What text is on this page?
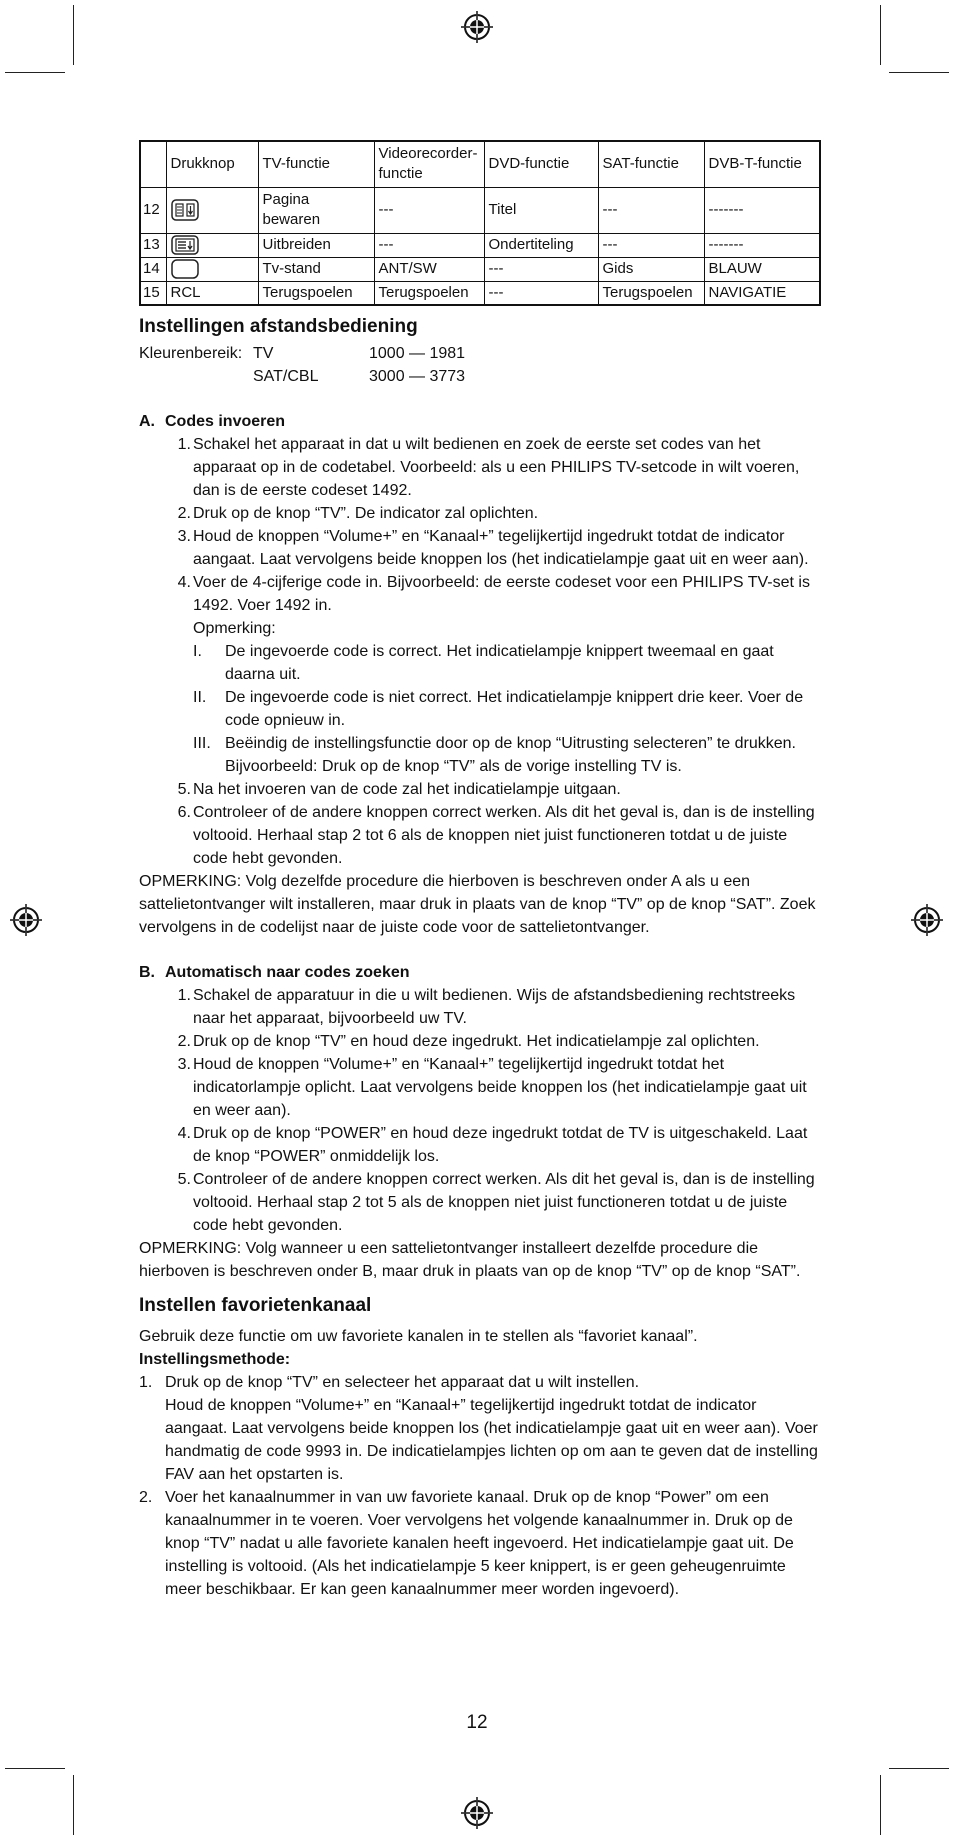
	Drukknop	TV-functie	Videorecorder-functie	DVD-functie	SAT-functie	DVB-T-functie
12		Pagina bewaren	---	Titel	---	-------
13		Uitbreiden	---	Ondertiteling	---	-------
14		Tv-stand	ANT/SW	---	Gids	BLAUW
15	RCL	Terugspoelen	Terugspoelen	---	Terugspoelen	NAVIGATIE
Instellingen afstandsbediening
Kleurenbereik: TV	1000 — 1981
SAT/CBL	3000 — 3773
A. Codes invoeren
1. Schakel het apparaat in dat u wilt bedienen en zoek de eerste set codes van het apparaat op in de codetabel. Voorbeeld: als u een PHILIPS TV-setcode in wilt voeren, dan is de eerste codeset 1492.
2. Druk op de knop “TV”. De indicator zal oplichten.
3. Houd de knoppen “Volume+” en “Kanaal+” tegelijkertijd ingedrukt totdat de indicator aangaat. Laat vervolgens beide knoppen los (het indicatielampje gaat uit en weer aan).
4. Voer de 4-cijferige code in. Bijvoorbeeld: de eerste codeset voor een PHILIPS TV-set is 1492. Voer 1492 in.
Opmerking:
I.	De ingevoerde code is correct. Het indicatielampje knippert tweemaal en gaat daarna uit.
II.	De ingevoerde code is niet correct. Het indicatielampje knippert drie keer. Voer de code opnieuw in.
III. Beëindig de instellingsfunctie door op de knop “Uitrusting selecteren” te drukken. Bijvoorbeeld: Druk op de knop “TV” als de vorige instelling TV is.
5. Na het invoeren van de code zal het indicatielampje uitgaan.
6. Controleer of de andere knoppen correct werken. Als dit het geval is, dan is de instelling voltooid. Herhaal stap 2 tot 6 als de knoppen niet juist functioneren totdat u de juiste code hebt gevonden.
OPMERKING: Volg dezelfde procedure die hierboven is beschreven onder A als u een sattelietontvanger wilt installeren, maar druk in plaats van de knop “TV” op de knop “SAT”. Zoek vervolgens in de codelijst naar de juiste code voor de sattelietontvanger.
B. Automatisch naar codes zoeken
1. Schakel de apparatuur in die u wilt bedienen. Wijs de afstandsbediening rechtstreeks naar het apparaat, bijvoorbeeld uw TV.
2. Druk op de knop “TV” en houd deze ingedrukt. Het indicatielampje zal oplichten.
3. Houd de knoppen “Volume+” en “Kanaal+” tegelijkertijd ingedrukt totdat het indicatorlampje oplicht. Laat vervolgens beide knoppen los (het indicatielampje gaat uit en weer aan).
4. Druk op de knop “POWER” en houd deze ingedrukt totdat de TV is uitgeschakeld. Laat de knop “POWER” onmiddelijk los.
5. Controleer of de andere knoppen correct werken. Als dit het geval is, dan is de instelling voltooid. Herhaal stap 2 tot 5 als de knoppen niet juist functioneren totdat u de juiste code hebt gevonden.
OPMERKING: Volg wanneer u een sattelietontvanger installeert dezelfde procedure die hierboven is beschreven onder B, maar druk in plaats van op de knop “TV” op de knop “SAT”.
Instellen favorietenkanaal
Gebruik deze functie om uw favoriete kanalen in te stellen als “favoriet kanaal”.
Instellingsmethode:
1. Druk op de knop “TV” en selecteer het apparaat dat u wilt instellen.
Houd de knoppen “Volume+” en “Kanaal+” tegelijkertijd ingedrukt totdat de indicator aangaat. Laat vervolgens beide knoppen los (het indicatielampje gaat uit en weer aan). Voer handmatig de code 9993 in. De indicatielampjes lichten op om aan te geven dat de instelling FAV aan het opstarten is.
2. Voer het kanaalnummer in van uw favoriete kanaal. Druk op de knop “Power” om een kanaalnummer in te voeren. Voer vervolgens het volgende kanaalnummer in. Druk op de knop “TV” nadat u alle favoriete kanalen heeft ingevoerd. Het indicatielampje gaat uit. De instelling is voltooid. (Als het indicatielampje 5 keer knippert, is er geen geheugenruimte meer beschikbaar. Er kan geen kanaalnummer meer worden ingevoerd).
12
